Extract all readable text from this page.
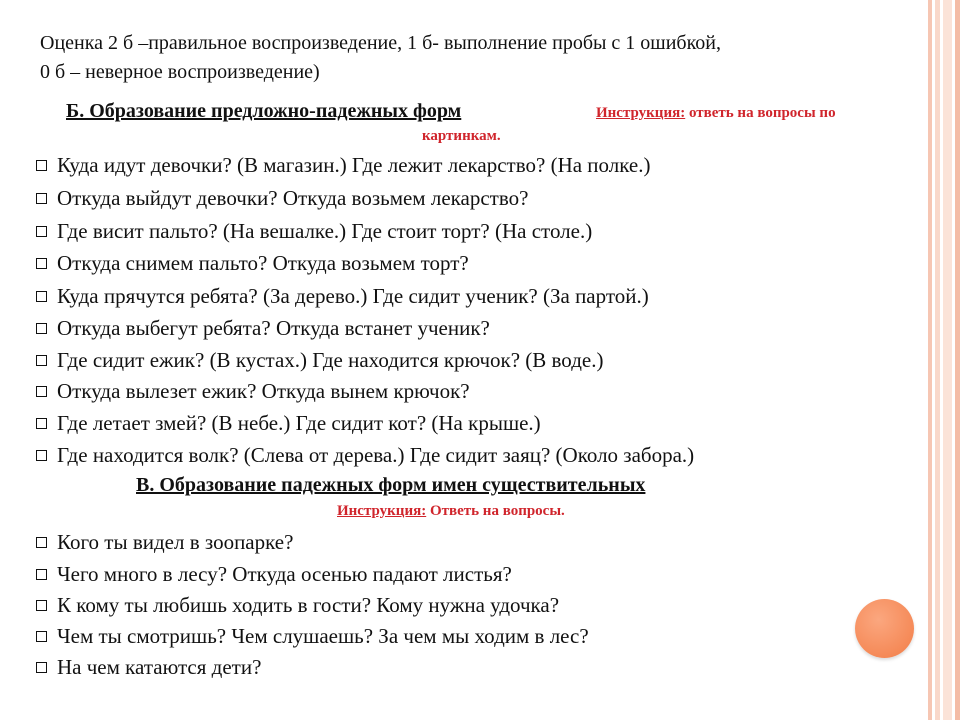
Оценка 2 б –правильное воспроизведение, 1 б- выполнение пробы с 1 ошибкой,
0 б – неверное воспроизведение)
Б. Образование предложно-падежных форм	Инструкция: ответь на вопросы по
картинкам.
Куда идут девочки? (В магазин.) Где лежит лекарство? (На полке.)
Откуда выйдут девочки? Откуда возьмем лекарство?
Где висит пальто? (На вешалке.) Где стоит торт? (На столе.)
Откуда снимем пальто? Откуда возьмем торт?
Куда прячутся ребята? (За дерево.) Где сидит ученик? (За партой.)
Откуда выбегут ребята? Откуда встанет ученик?
Где сидит ежик? (В кустах.) Где находится крючок? (В воде.)
Откуда вылезет ежик? Откуда вынем крючок?
Где летает змей? (В небе.) Где сидит кот? (На крыше.)
Где находится волк? (Слева от дерева.) Где сидит заяц? (Около забора.)
В. Образование падежных форм имен существительных
Инструкция: Ответь на вопросы.
Кого ты видел в зоопарке?
Чего много в лесу? Откуда осенью падают листья?
К кому ты любишь ходить в гости? Кому нужна удочка?
Чем ты смотришь? Чем слушаешь? За чем мы ходим в лес?
На чем катаются дети?
